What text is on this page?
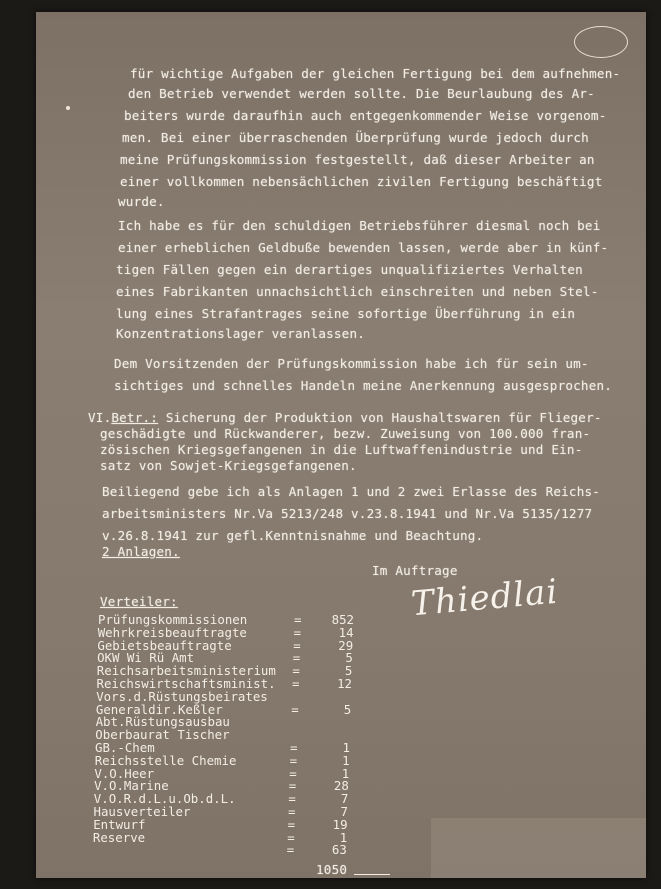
für wichtige Aufgaben der gleichen Fertigung bei dem aufnehmen-
den Betrieb verwendet werden sollte. Die Beurlaubung des Ar-
beiters wurde daraufhin auch entgegenkommender Weise vorgenom-
men. Bei einer überraschenden Überprüfung wurde jedoch durch
meine Prüfungskommission festgestellt, daß dieser Arbeiter an
einer vollkommen nebensächlichen zivilen Fertigung beschäftigt
wurde.
Ich habe es für den schuldigen Betriebsführer diesmal noch bei
einer erheblichen Geldbuße bewenden lassen, werde aber in künf-
tigen Fällen gegen ein derartiges unqualifiziertes Verhalten
eines Fabrikanten unnachsichtlich einschreiten und neben Stel-
lung eines Strafantrages seine sofortige Überführung in ein
Konzentrationslager veranlassen.
Dem Vorsitzenden der Prüfungskommission habe ich für sein um-
sichtiges und schnelles Handeln meine Anerkennung ausgesprochen.
VI.Betr.: Sicherung der Produktion von Haushaltswaren für Flieger-
geschädigte und Rückwanderer, bezw. Zuweisung von 100.000 fran-
zösischen Kriegsgefangenen in die Luftwaffenindustrie und Ein-
satz von Sowjet-Kriegsgefangenen.
Beiliegend gebe ich als Anlagen 1 und 2 zwei Erlasse des Reichs-
arbeitsministers Nr.Va 5213/248 v.23.8.1941 und Nr.Va 5135/1277
v.26.8.1941 zur gefl.Kenntnisnahme und Beachtung.
2 Anlagen.
Im Auftrage
Thiedlai
Verteiler:
Prüfungskommissionen	=	852
Wehrkreisbeauftragte	=	14
Gebietsbeauftragte	=	29
OKW Wi Rü Amt	=	5
Reichsarbeitsministerium =	5
Reichswirtschaftsminist. =	12
Vors.d.Rüstungsbeirates
Generaldir.Keßler	=	5
Abt.Rüstungsausbau
Oberbaurat Tischer
GB.-Chem	=	1
Reichsstelle Chemie	=	1
V.O.Heer	=	1
V.O.Marine	=	28
V.O.R.d.L.u.Ob.d.L.	=	7
Hausverteiler	=	7
Entwurf	=	19
Reserve	=	1
=	63
1050
